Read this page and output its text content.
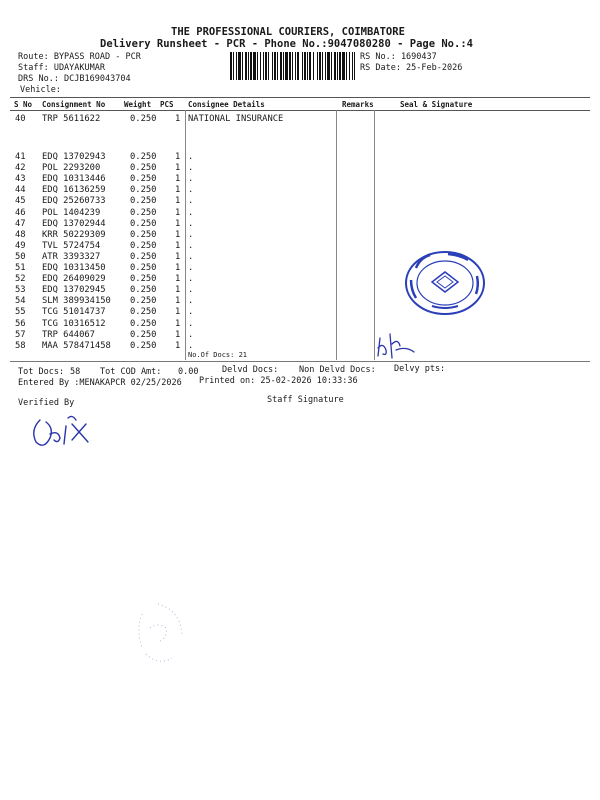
THE PROFESSIONAL COURIERS, COIMBATORE
Delivery Runsheet - PCR - Phone No.:9047080280 - Page No.:4
Route: BYPASS ROAD - PCR
Staff: UDAYAKUMAR
DRS No.: DCJB169043704
Vehicle:
RS No.: 1690437
RS Date: 25-Feb-2026
S No Consignment No	Weight PCS Consignee Details	Remarks	Seal & Signature
40 TRP 5611622	0.250 1 NATIONAL INSURANCE
41 EDQ 13702943	0.250 1 .
42 POL 2293200	0.250 1 .
43 EDQ 10313446	0.250 1 .
44 EDQ 16136259	0.250 1 .
45 EDQ 25260733	0.250 1 .
46 POL 1404239	0.250 1 .
47 EDQ 13702944	0.250 1 .
48 KRR 50229309	0.250 1 .
49 TVL 5724754	0.250 1 .
50 ATR 3393327	0.250 1 .
51 EDQ 10313450	0.250 1 .
52 EDQ 26409029	0.250 1 .
53 EDQ 13702945	0.250 1 .
54 SLM 389934150 0.250 1 .
55 TCG 51014737	0.250 1 .
56 TCG 10316512	0.250 1 .
57 TRP 644067	0.250 1 .
58 MAA 578471458 0.250 1 .
No.Of Docs: 21
Tot Docs: 58 Tot COD Amt: 0.00	Delvd Docs: Non Delvd Docs: Delvy pts:
Entered By :MENAKAPCR 02/25/2026 Printed on: 25-02-2026 10:33:36
Verified By	Staff Signature
